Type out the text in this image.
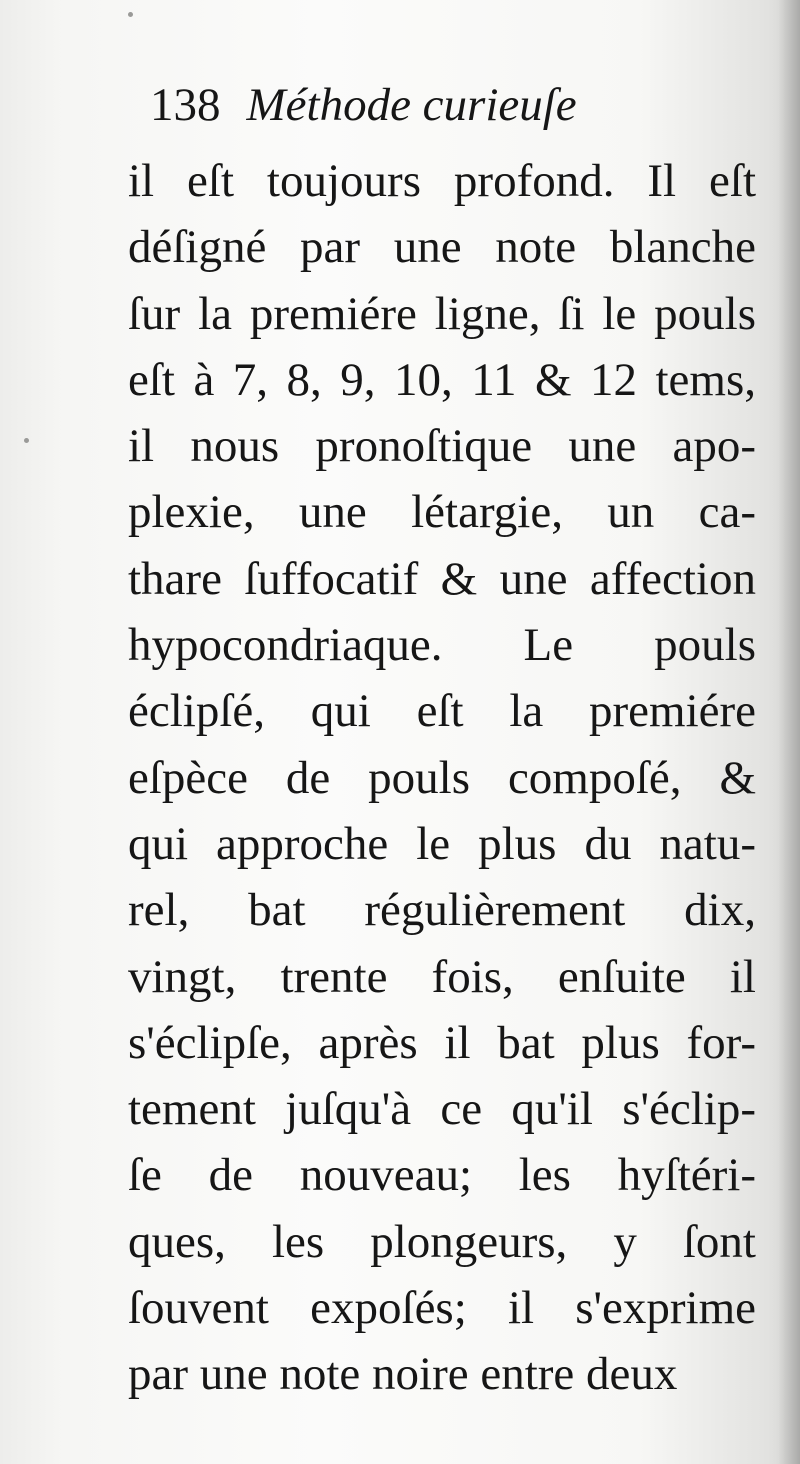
138 Méthode curieuſe
il eſt toujours profond. Il eſt
déſigné par une note blanche
ſur la premiére ligne, ſi le pouls
eſt à 7, 8, 9, 10, 11 & 12 tems,
il nous pronoſtique une apo-
plexie, une létargie, un ca-
thare ſuffocatif & une affection
hypocondriaque. Le pouls
éclipſé, qui eſt la premiére
eſpèce de pouls compoſé, &
qui approche le plus du natu-
rel, bat régulièrement dix,
vingt, trente fois, enſuite il
s'éclipſe, après il bat plus for-
tement juſqu'à ce qu'il s'éclip-
ſe de nouveau; les hyſtéri-
ques, les plongeurs, y ſont
ſouvent expoſés; il s'exprime
par une note noire entre deux
